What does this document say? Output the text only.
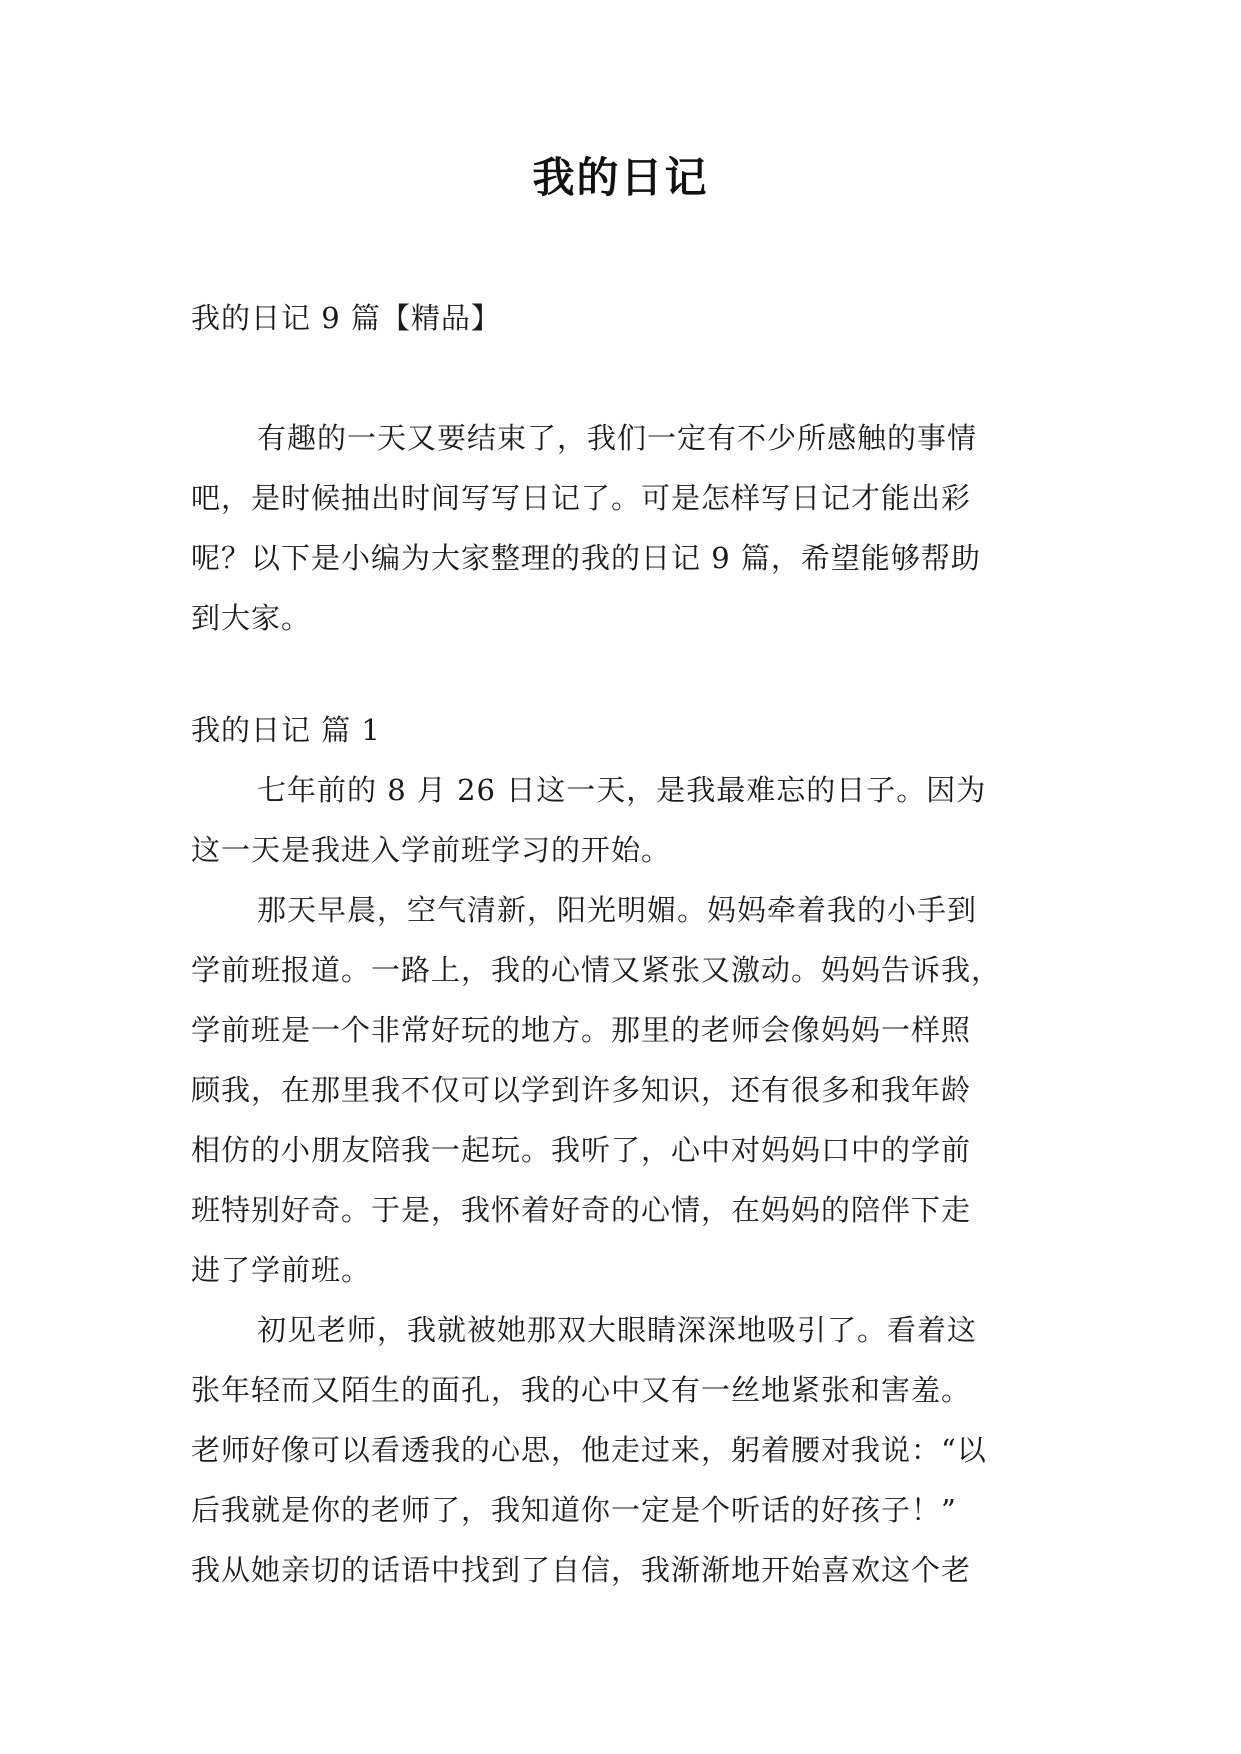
我的日记
我的日记 9 篇【精品】
有趣的一天又要结束了，我们一定有不少所感触的事情
吧，是时候抽出时间写写日记了。可是怎样写日记才能出彩
呢？以下是小编为大家整理的我的日记 9 篇，希望能够帮助
到大家。
我的日记 篇 1
七年前的 8 月 26 日这一天，是我最难忘的日子。因为
这一天是我进入学前班学习的开始。
那天早晨，空气清新，阳光明媚。妈妈牵着我的小手到
学前班报道。一路上，我的心情又紧张又激动。妈妈告诉我，
学前班是一个非常好玩的地方。那里的老师会像妈妈一样照
顾我，在那里我不仅可以学到许多知识，还有很多和我年龄
相仿的小朋友陪我一起玩。我听了，心中对妈妈口中的学前
班特别好奇。于是，我怀着好奇的心情，在妈妈的陪伴下走
进了学前班。
初见老师，我就被她那双大眼睛深深地吸引了。看着这
张年轻而又陌生的面孔，我的心中又有一丝地紧张和害羞。
老师好像可以看透我的心思，他走过来，躬着腰对我说：“以
后我就是你的老师了，我知道你一定是个听话的好孩子！”
我从她亲切的话语中找到了自信，我渐渐地开始喜欢这个老
